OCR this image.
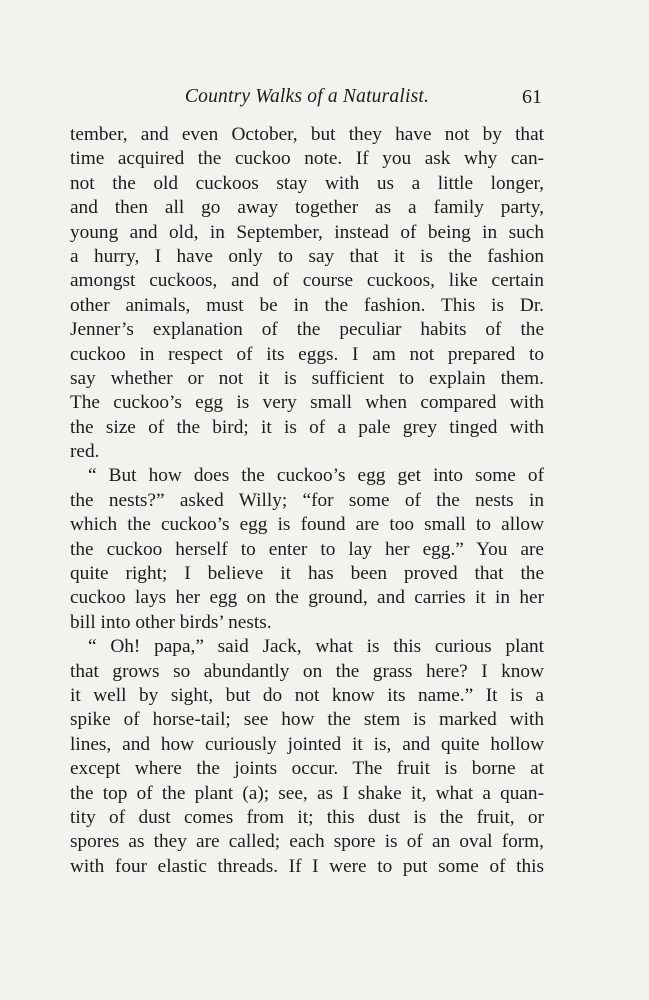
Country Walks of a Naturalist.	61
tember, and even October, but they have not by that
time acquired the cuckoo note. If you ask why can-
not the old cuckoos stay with us a little longer,
and then all go away together as a family party,
young and old, in September, instead of being in such
a hurry, I have only to say that it is the fashion
amongst cuckoos, and of course cuckoos, like certain
other animals, must be in the fashion. This is Dr.
Jenner’s explanation of the peculiar habits of the
cuckoo in respect of its eggs. I am not prepared to
say whether or not it is sufficient to explain them.
The cuckoo’s egg is very small when compared with
the size of the bird; it is of a pale grey tinged with
red.
“ But how does the cuckoo’s egg get into some of
the nests?” asked Willy; “for some of the nests in
which the cuckoo’s egg is found are too small to allow
the cuckoo herself to enter to lay her egg.” You are
quite right; I believe it has been proved that the
cuckoo lays her egg on the ground, and carries it in her
bill into other birds’ nests.
“ Oh! papa,” said Jack, what is this curious plant
that grows so abundantly on the grass here? I know
it well by sight, but do not know its name.” It is a
spike of horse-tail; see how the stem is marked with
lines, and how curiously jointed it is, and quite hollow
except where the joints occur. The fruit is borne at
the top of the plant (a); see, as I shake it, what a quan-
tity of dust comes from it; this dust is the fruit, or
spores as they are called; each spore is of an oval form,
with four elastic threads. If I were to put some of this
